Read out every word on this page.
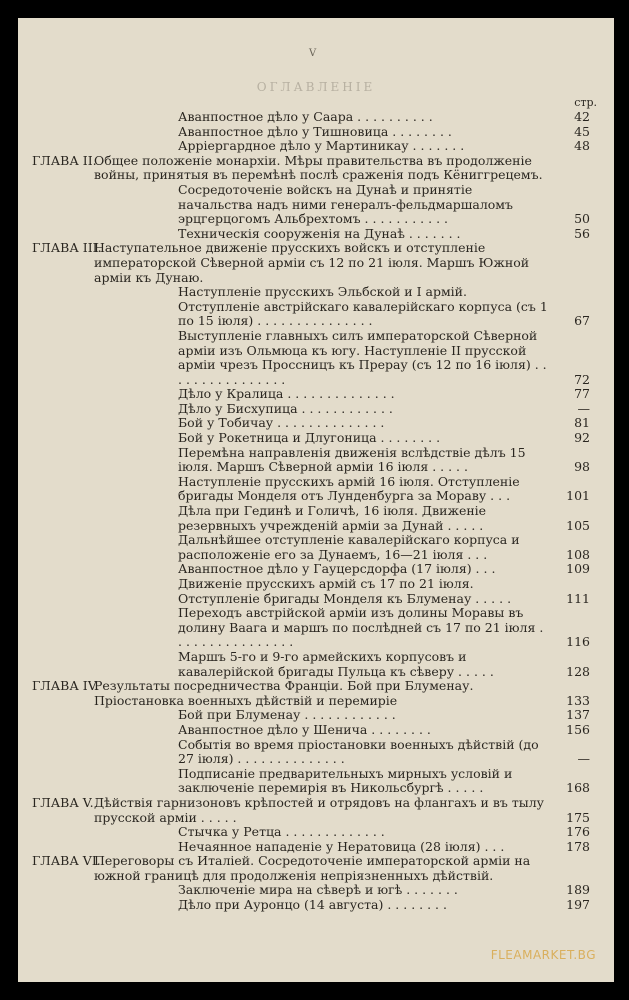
V
ОГЛАВЛЕНІЕ
стр.
Аванпостное дѣло у Саара . . . . . . . . . .	42
Аванпостное дѣло у Тишновица . . . . . . . .	45
Арріергардное дѣло у Мартиникау . . . . . . .	48
ГЛАВА II.
Общее положеніе монархіи. Мѣры правительства въ продолженіе войны, принятыя въ перемѣнѣ послѣ сраженія подъ Кёниггрецемъ.
Сосредоточеніе войскъ на Дунаѣ и принятіе начальства надъ ними генералъ-фельдмаршаломъ эрцгерцогомъ Альбрехтомъ . . . . . . . . . . .	50
Техническія сооруженія на Дунаѣ . . . . . . .	56
ГЛАВА III.
Наступательное движеніе прусскихъ войскъ и отступленіе императорской Сѣверной арміи съ 12 по 21 іюля. Маршъ Южной арміи къ Дунаю.
Наступленіе прусскихъ Эльбской и I армій. Отступленіе австрійскаго кавалерійскаго корпуса (съ 1 по 15 іюля) . . . . . . . . . . . . . . .	67
Выступленіе главныхъ силъ императорской Сѣверной арміи изъ Ольмюца къ югу. Наступленіе II прусской арміи чрезъ Проссницъ къ Прерау (съ 12 по 16 іюля) . . . . . . . . . . . . . . . .	72
Дѣло у Кралица . . . . . . . . . . . . . .	77
Дѣло у Бисхупица . . . . . . . . . . . .	—
Бой у Тобичау . . . . . . . . . . . . . .	81
Бой у Рокетница и Длугоница . . . . . . . .	92
Перемѣна направленія движенія вслѣдствіе дѣлъ 15 іюля. Маршъ Сѣверной арміи 16 іюля . . . . .	98
Наступленіе прусскихъ армій 16 іюля. Отступленіе бригады Монделя отъ Лунденбурга за Мораву . . .	101
Дѣла при Гединѣ и Голичѣ, 16 іюля. Движеніе резервныхъ учрежденій арміи за Дунай . . . . .	105
Дальнѣйшее отступленіе кавалерійскаго корпуса и расположеніе его за Дунаемъ, 16—21 іюля . . .	108
Аванпостное дѣло у Гауцерсдорфа (17 іюля) . . .	109
Движеніе прусскихъ армій съ 17 по 21 іюля. Отступленіе бригады Монделя къ Блуменау . . . . .	111
Переходъ австрійской арміи изъ долины Моравы въ долину Ваага и маршъ по послѣдней съ 17 по 21 іюля . . . . . . . . . . . . . . . .	116
Маршъ 5-го и 9-го армейскихъ корпусовъ и кавалерійской бригады Пульца къ сѣверу . . . . .	128
ГЛАВА IV.
Результаты посредничества Франціи. Бой при Блуменау. Пріостановка военныхъ дѣйствій и перемиріе	133
Бой при Блуменау . . . . . . . . . . . .	137
Аванпостное дѣло у Шенича . . . . . . . .	156
Событія во время пріостановки военныхъ дѣйствій (до 27 іюля) . . . . . . . . . . . . . .	—
Подписаніе предварительныхъ мирныхъ условій и заключеніе перемирія въ Никольсбургѣ . . . . .	168
ГЛАВА V. Дѣйствія гарнизоновъ крѣпостей и отрядовъ на флангахъ и въ тылу прусской арміи . . . . .	175
Стычка у Ретца . . . . . . . . . . . . .	176
Нечаянное нападеніе у Нератовица (28 іюля) . . .	178
ГЛАВА VI.
Переговоры съ Италіей. Сосредоточеніе императорской арміи на южной границѣ для продолженія непріязненныхъ дѣйствій.
Заключеніе мира на сѣверѣ и югѣ . . . . . . .	189
Дѣло при Ауронцо (14 августа) . . . . . . . .	197
FLEAMARKET.BG
